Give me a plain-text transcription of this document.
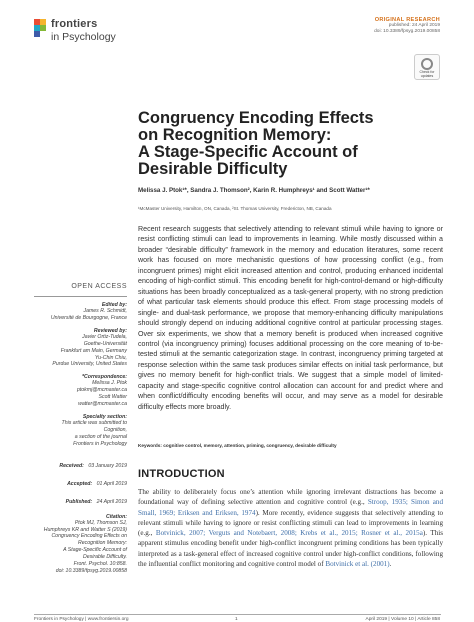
frontiers
in Psychology
ORIGINAL RESEARCH
published: 24 April 2019
doi: 10.3389/fpsyg.2019.00858
Check for updates
Congruency Encoding Effects
on Recognition Memory:
A Stage-Specific Account of
Desirable Difficulty
Melissa J. Ptok¹*, Sandra J. Thomson², Karin R. Humphreys¹ and Scott Watter¹*
¹McMaster University, Hamilton, ON, Canada, ²St. Thomas University, Fredericton, NB, Canada
Recent research suggests that selectively attending to relevant stimuli while having to ignore or resist conflicting stimuli can lead to improvements in learning. While mostly discussed within a broader “desirable difficulty” framework in the memory and education literatures, some recent work has focused on more mechanistic questions of how processing conflict (e.g., from incongruent primes) might elicit increased attention and control, producing enhanced incidental encoding of high-conflict stimuli. This encoding benefit for high-control-demand or high-difficulty situations has been broadly conceptualized as a task-general property, with no strong prediction of what particular task elements should produce this effect. From stage processing models of single- and dual-task performance, we propose that memory-enhancing difficulty manipulations should strongly depend on inducing additional cognitive control at particular processing stages. Over six experiments, we show that a memory benefit is produced when increased cognitive control (via incongruency priming) focuses additional processing on the core meaning of to-be-tested stimuli at the semantic categorization stage. In contrast, incongruency priming targeted at response selection within the same task produces similar effects on initial task performance, but gives no memory benefit for high-conflict trials. We suggest that a simple model of limited-capacity and stage-specific cognitive control allocation can account for and predict where and when conflict/difficulty encoding benefits will occur, and may serve as a model for desirable difficulty effects more broadly.
Keywords: cognitive control, memory, attention, priming, congruency, desirable difficulty
OPEN ACCESS
Edited by:
James R. Schmidt,
Université de Bourgogne, France
Reviewed by:
Javier Ortiz-Tudela,
Goethe-Universität
Frankfurt am Main, Germany
Yu-Chin Chiu,
Purdue University, United States
*Correspondence:
Melissa J. Ptok
ptokmj@mcmaster.ca
Scott Watter
watter@mcmaster.ca
Specialty section:
This article was submitted to
Cognition,
a section of the journal
Frontiers in Psychology
Received: 03 January 2019
Accepted: 01 April 2019
Published: 24 April 2019
Citation:
Ptok MJ, Thomson SJ,
Humphreys KR and Watter S (2019)
Congruency Encoding Effects on
Recognition Memory:
A Stage-Specific Account of
Desirable Difficulty.
Front. Psychol. 10:858.
doi: 10.3389/fpsyg.2019.00858
INTRODUCTION
The ability to deliberately focus one’s attention while ignoring irrelevant distractions has become a foundational way of defining selective attention and cognitive control (e.g., Stroop, 1935; Simon and Small, 1969; Eriksen and Eriksen, 1974). More recently, evidence suggests that selectively attending to relevant stimuli while having to ignore or resist conflicting stimuli can lead to improvements in learning (e.g., Botvinick, 2007; Verguts and Notebaert, 2008; Krebs et al., 2015; Rosner et al., 2015a). This apparent stimulus encoding benefit under high-conflict incongruent priming conditions has been typically interpreted as a task-general effect of increased cognitive control under high-conflict conditions, following the influential conflict monitoring and cognitive control model of Botvinick et al. (2001).
Frontiers in Psychology | www.frontiersin.org	1	April 2019 | Volume 10 | Article 858
